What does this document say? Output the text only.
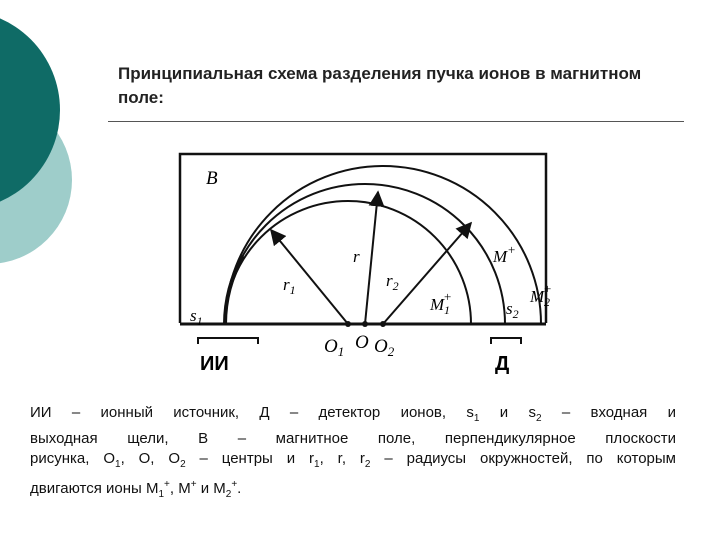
Принципиальная схема разделения пучка ионов в магнитном поле:
B
$s_1$
$s_2$
$r_1$
r
$r_2$
M+
M+ 1
M+ 2
$O_1$ O $O_2$
ИИ	Д
ИИ – ионный источник, Д – детектор ионов, $s_1$ и $s_2$ – входная и
выходная щели, В – магнитное поле, перпендикулярное плоскости
рисунка, $О_1$, О, $О_2$ – центры и $r_1$, r, $r_2$ – радиусы окружностей, по которым
двигаются ионы $М_1^+$, М+ и $М_2^+$.
